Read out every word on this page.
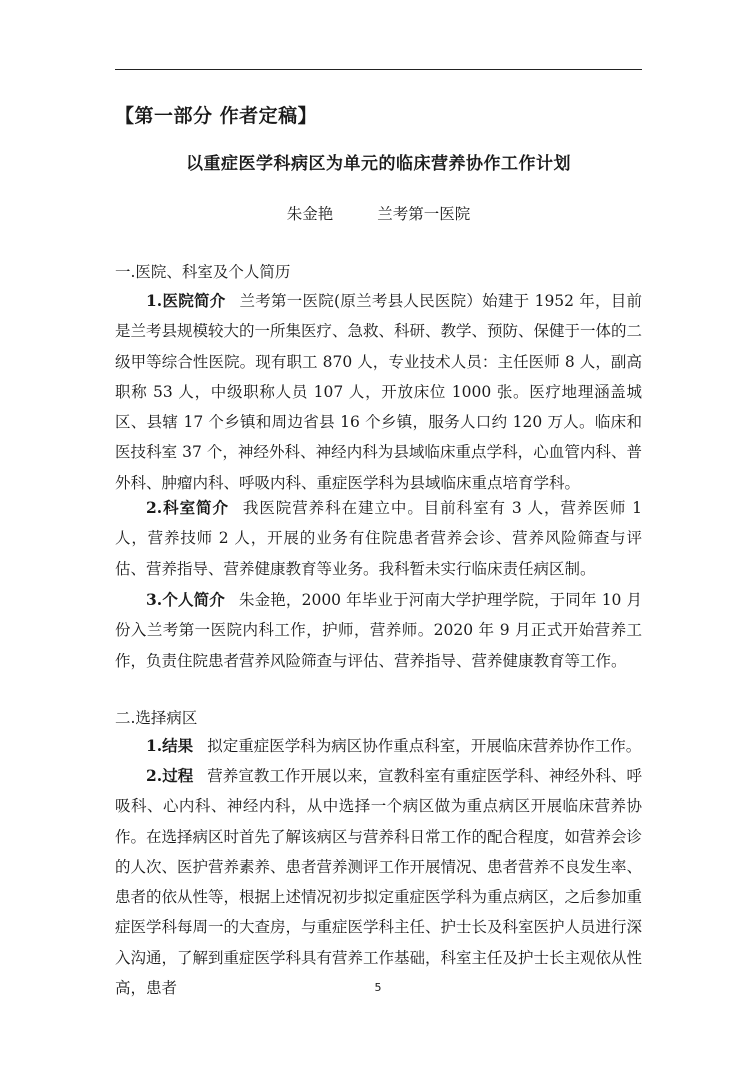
【第一部分 作者定稿】
以重症医学科病区为单元的临床营养协作工作计划
朱金艳	兰考第一医院
一.医院、科室及个人简历

1.医院简介 兰考第一医院(原兰考县人民医院）始建于 1952 年，目前是兰考县规模较大的一所集医疗、急救、科研、教学、预防、保健于一体的二级甲等综合性医院。现有职工 870 人，专业技术人员：主任医师 8 人，副高职称 53 人，中级职称人员 107 人，开放床位 1000 张。医疗地理涵盖城区、县辖 17 个乡镇和周边省县 16 个乡镇，服务人口约 120 万人。临床和医技科室 37 个，神经外科、神经内科为县域临床重点学科，心血管内科、普外科、肿瘤内科、呼吸内科、重症医学科为县域临床重点培育学科。

2.科室简介 我医院营养科在建立中。目前科室有 3 人，营养医师 1 人，营养技师 2 人，开展的业务有住院患者营养会诊、营养风险筛查与评估、营养指导、营养健康教育等业务。我科暂未实行临床责任病区制。

3.个人简介 朱金艳，2000 年毕业于河南大学护理学院，于同年 10 月份入兰考第一医院内科工作，护师，营养师。2020 年 9 月正式开始营养工作，负责住院患者营养风险筛查与评估、营养指导、营养健康教育等工作。

二.选择病区

1.结果 拟定重症医学科为病区协作重点科室，开展临床营养协作工作。

2.过程 营养宣教工作开展以来，宣教科室有重症医学科、神经外科、呼吸科、心内科、神经内科，从中选择一个病区做为重点病区开展临床营养协作。在选择病区时首先了解该病区与营养科日常工作的配合程度，如营养会诊的人次、医护营养素养、患者营养测评工作开展情况、患者营养不良发生率、患者的依从性等，根据上述情况初步拟定重症医学科为重点病区，之后参加重症医学科每周一的大查房，与重症医学科主任、护士长及科室医护人员进行深入沟通，了解到重症医学科具有营养工作基础，科室主任及护士长主观依从性高，患者	5
